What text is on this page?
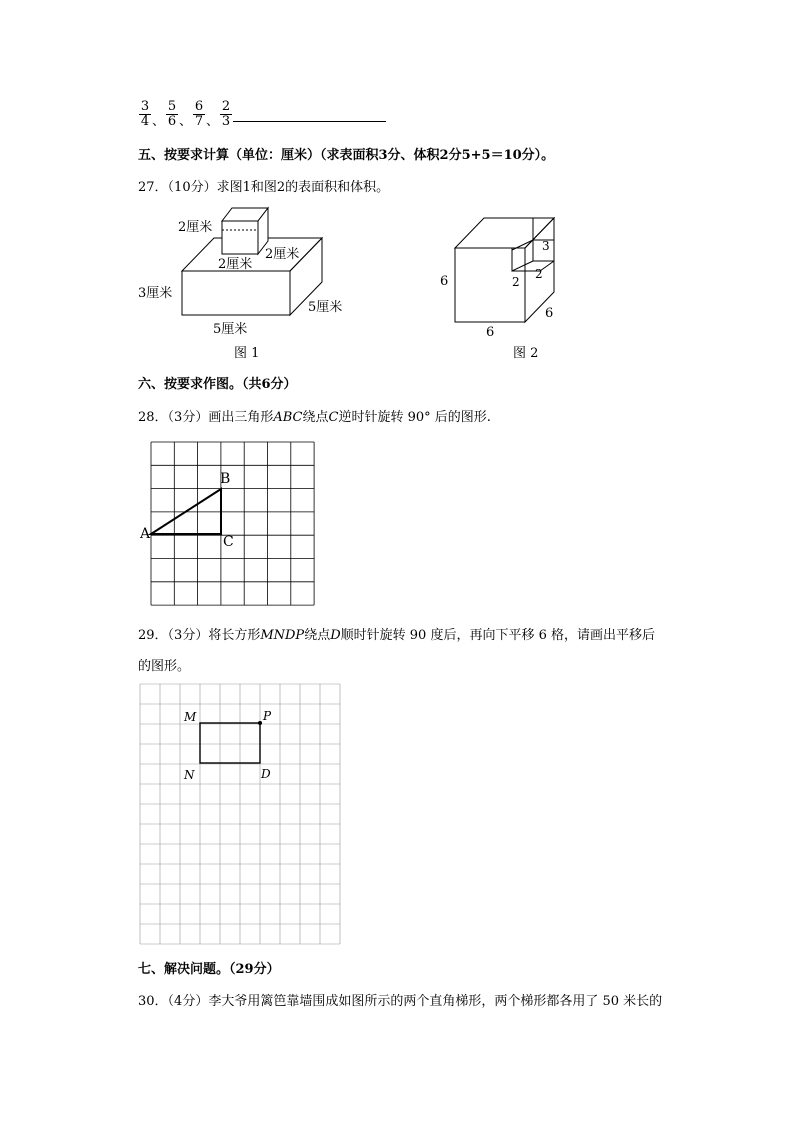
$\frac{3}{4}$ 、 $\frac{5}{6}$ 、 $\frac{6}{7}$ 、 $\frac{2}{3}$
五、按要求计算（单位：厘米）（求表面积3分、体积2分5+5＝10分）。
27．（10分）求图1和图2的表面积和体积。
2厘米
2厘米
2厘米
3厘米
5厘米
5厘米
图 1
6
6
6
3
2
2
图 2
六、按要求作图。（共6分）
28．（3分）画出三角形ABC绕点C逆时针旋转 90° 后的图形.
A
B
C
29．（3分）将长方形MNDP绕点D顺时针旋转 90 度后，再向下平移 6 格，请画出平移后
的图形。
M	P
N	D
七、解决问题。（29分）
30．（4分）李大爷用篱笆靠墙围成如图所示的两个直角梯形，两个梯形都各用了 50 米长的
